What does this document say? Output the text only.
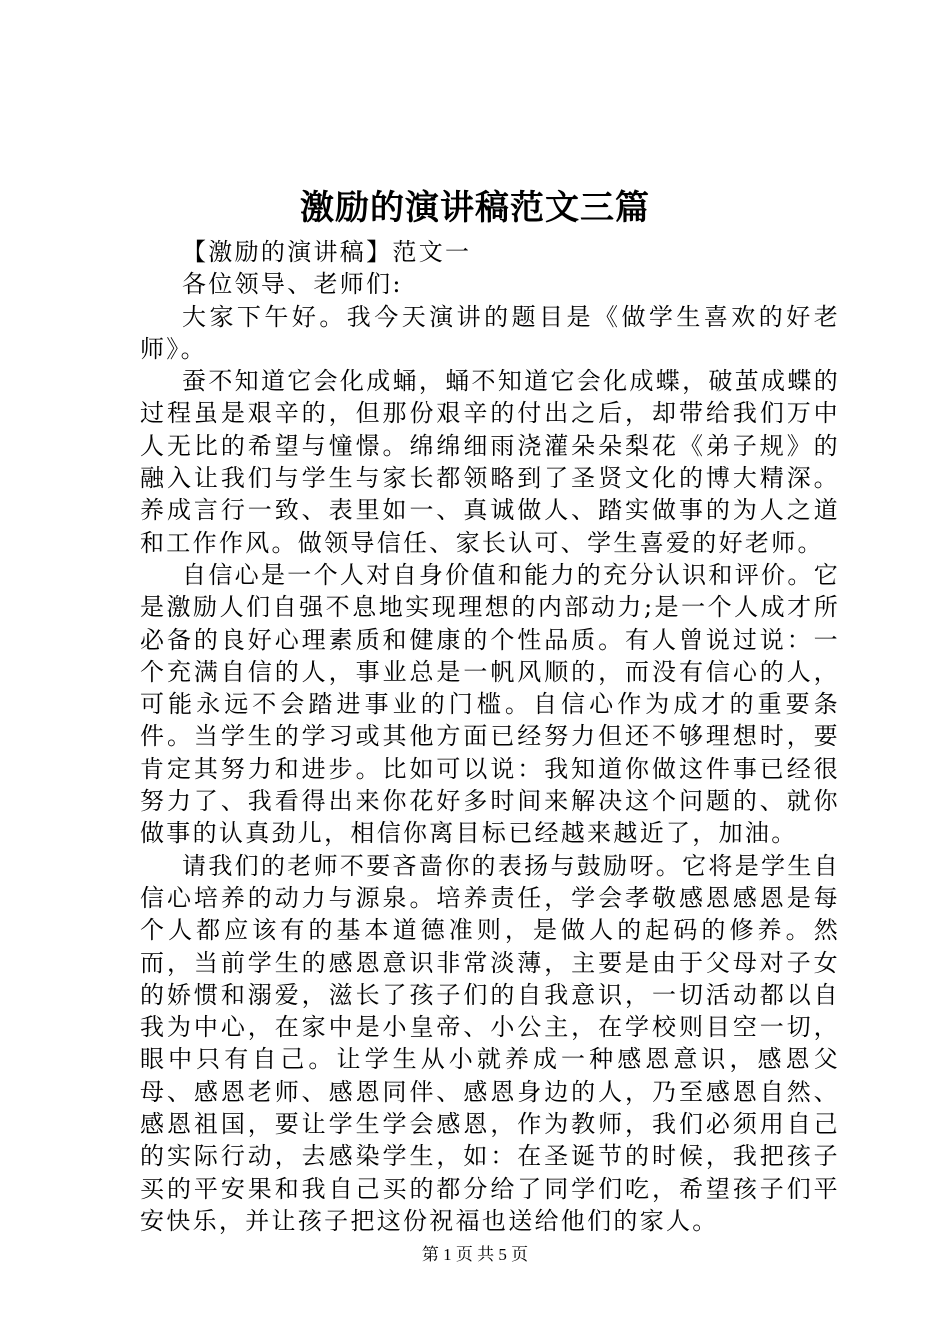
激励的演讲稿范文三篇

【激励的演讲稿】范文一

各位领导、老师们:

大家下午好。我今天演讲的题目是《做学生喜欢的好老师》。

蚕不知道它会化成蛹，蛹不知道它会化成蝶，破茧成蝶的过程虽是艰辛的，但那份艰辛的付出之后，却带给我们万中人无比的希望与憧憬。绵绵细雨浇灌朵朵梨花《弟子规》的融入让我们与学生与家长都领略到了圣贤文化的博大精深。养成言行一致、表里如一、真诚做人、踏实做事的为人之道和工作作风。做领导信任、家长认可、学生喜爱的好老师。

自信心是一个人对自身价值和能力的充分认识和评价。它是激励人们自强不息地实现理想的内部动力;是一个人成才所必备的良好心理素质和健康的个性品质。有人曾说过说：一个充满自信的人，事业总是一帆风顺的，而没有信心的人，可能永远不会踏进事业的门槛。自信心作为成才的重要条件。当学生的学习或其他方面已经努力但还不够理想时，要肯定其努力和进步。比如可以说：我知道你做这件事已经很努力了、我看得出来你花好多时间来解决这个问题的、就你做事的认真劲儿，相信你离目标已经越来越近了，加油。

请我们的老师不要吝啬你的表扬与鼓励呀。它将是学生自信心培养的动力与源泉。培养责任，学会孝敬感恩感恩是每个人都应该有的基本道德准则，是做人的起码的修养。然而，当前学生的感恩意识非常淡薄，主要是由于父母对子女的娇惯和溺爱，滋长了孩子们的自我意识，一切活动都以自我为中心，在家中是小皇帝、小公主，在学校则目空一切，眼中只有自己。让学生从小就养成一种感恩意识，感恩父母、感恩老师、感恩同伴、感恩身边的人，乃至感恩自然、感恩祖国，要让学生学会感恩，作为教师，我们必须用自己的实际行动，去感染学生，如：在圣诞节的时候，我把孩子买的平安果和我自己买的都分给了同学们吃，希望孩子们平安快乐，并让孩子把这份祝福也送给他们的家人。

第 1 页 共 5 页
